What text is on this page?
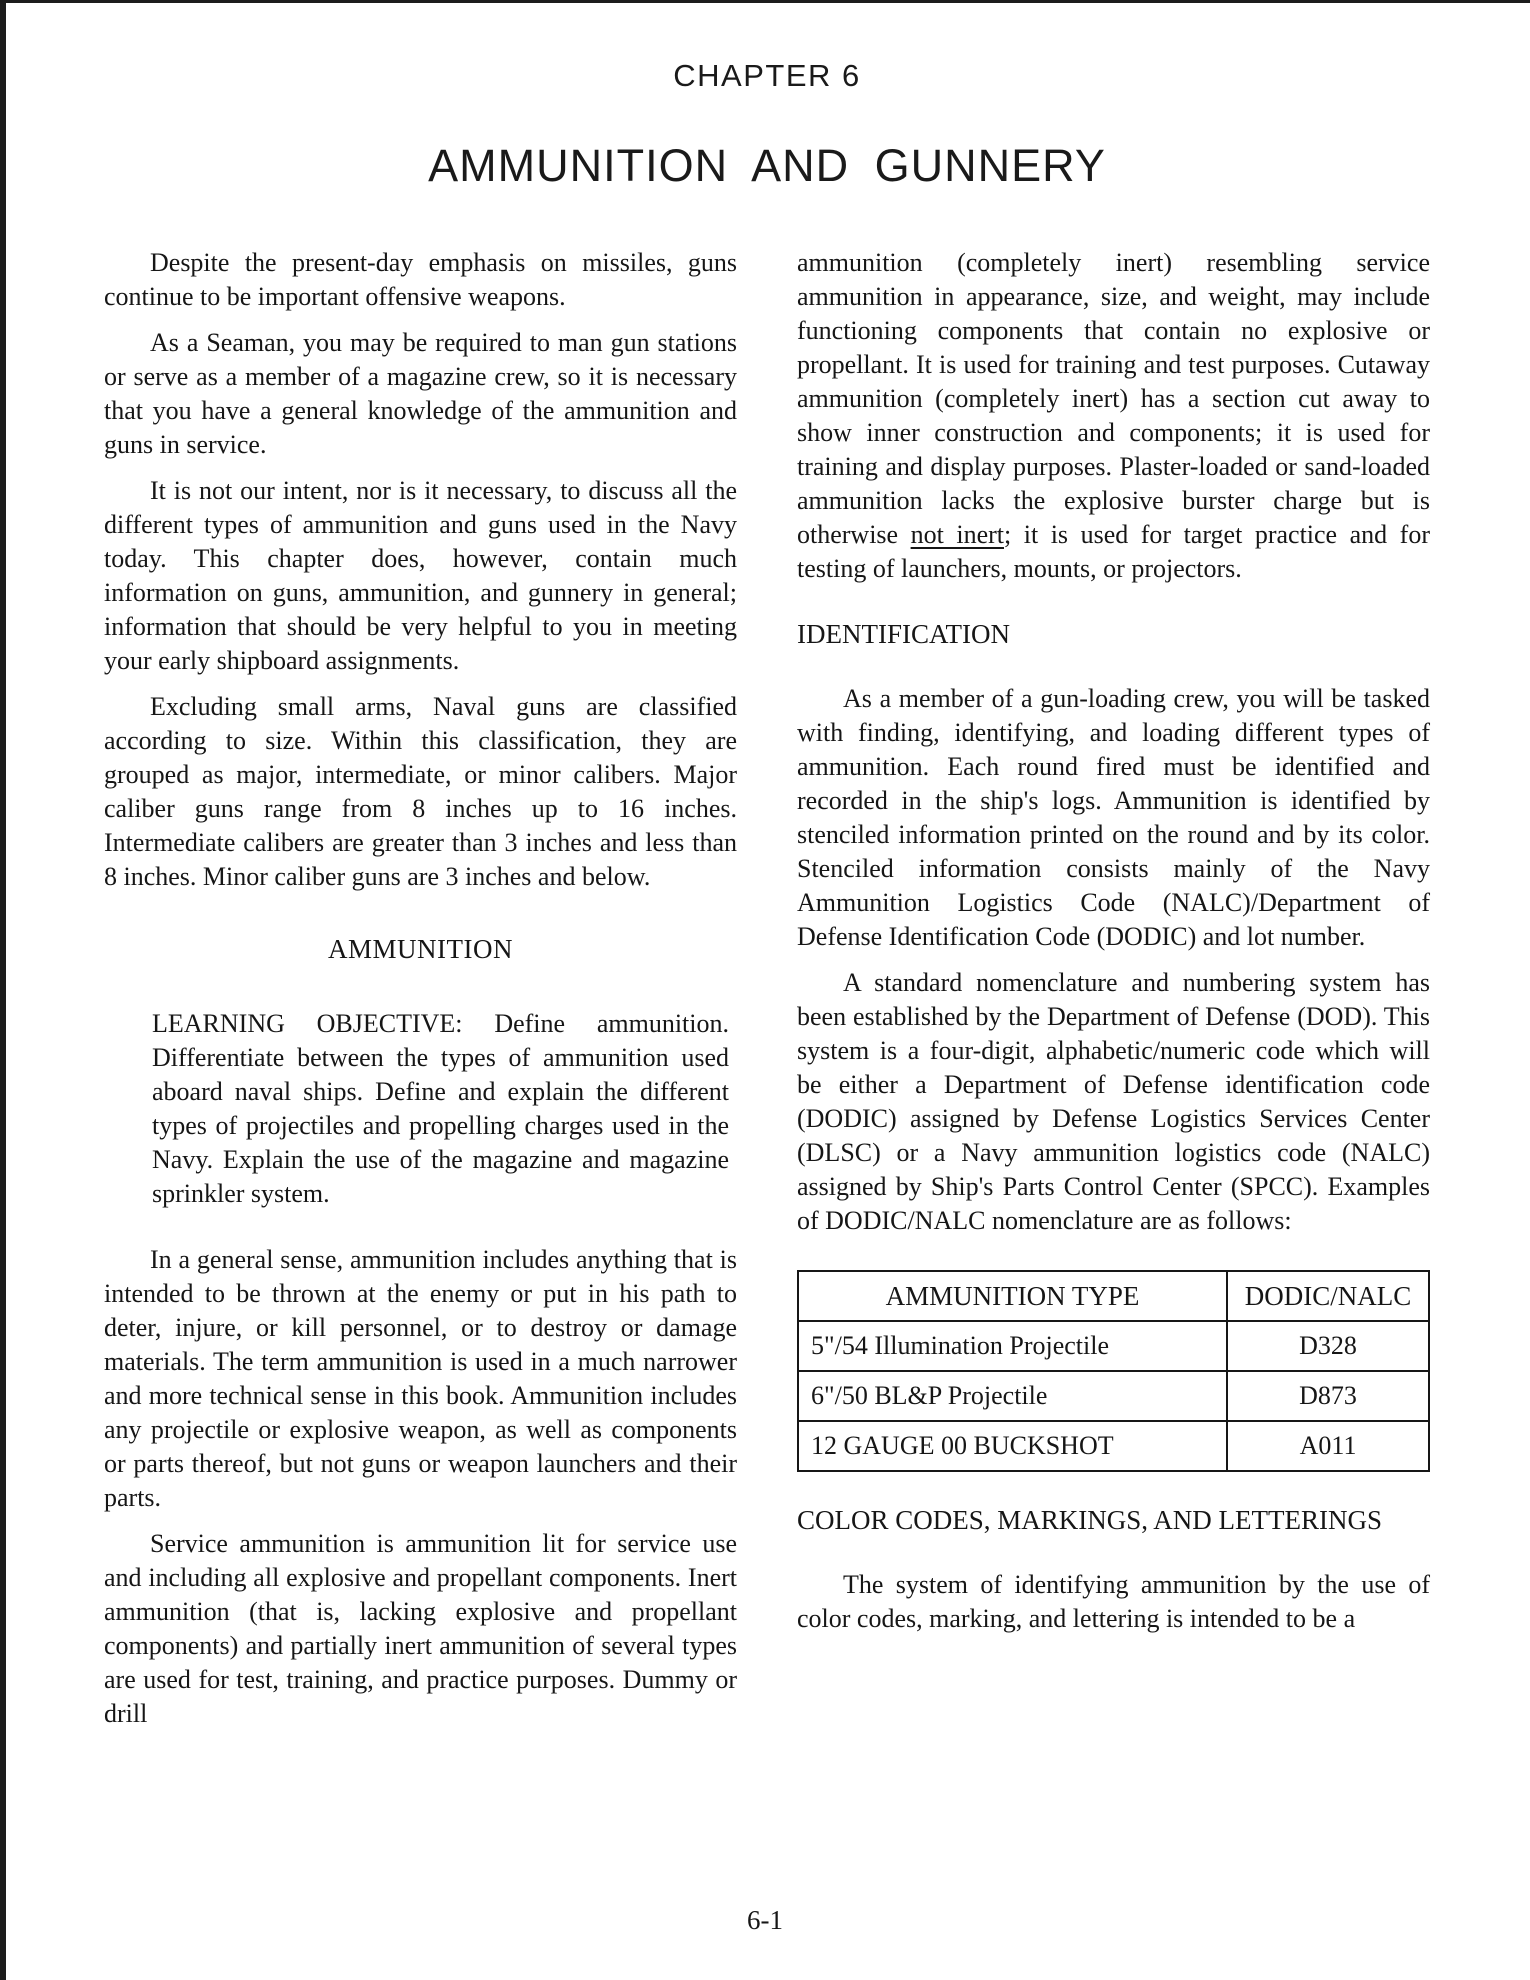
CHAPTER 6
AMMUNITION AND GUNNERY

Despite the present-day emphasis on missiles, guns continue to be important offensive weapons.

As a Seaman, you may be required to man gun stations or serve as a member of a magazine crew, so it is necessary that you have a general knowledge of the ammunition and guns in service.

It is not our intent, nor is it necessary, to discuss all the different types of ammunition and guns used in the Navy today. This chapter does, however, contain much information on guns, ammunition, and gunnery in general; information that should be very helpful to you in meeting your early shipboard assignments.

Excluding small arms, Naval guns are classified according to size. Within this classification, they are grouped as major, intermediate, or minor calibers. Major caliber guns range from 8 inches up to 16 inches. Intermediate calibers are greater than 3 inches and less than 8 inches. Minor caliber guns are 3 inches and below.

AMMUNITION

LEARNING OBJECTIVE: Define ammunition. Differentiate between the types of ammunition used aboard naval ships. Define and explain the different types of projectiles and propelling charges used in the Navy. Explain the use of the magazine and magazine sprinkler system.

In a general sense, ammunition includes anything that is intended to be thrown at the enemy or put in his path to deter, injure, or kill personnel, or to destroy or damage materials. The term ammunition is used in a much narrower and more technical sense in this book. Ammunition includes any projectile or explosive weapon, as well as components or parts thereof, but not guns or weapon launchers and their parts.

Service ammunition is ammunition lit for service use and including all explosive and propellant components. Inert ammunition (that is, lacking explosive and propellant components) and partially inert ammunition of several types are used for test, training, and practice purposes. Dummy or drill

ammunition (completely inert) resembling service ammunition in appearance, size, and weight, may include functioning components that contain no explosive or propellant. It is used for training and test purposes. Cutaway ammunition (completely inert) has a section cut away to show inner construction and components; it is used for training and display purposes. Plaster-loaded or sand-loaded ammunition lacks the explosive burster charge but is otherwise not inert; it is used for target practice and for testing of launchers, mounts, or projectors.

IDENTIFICATION

As a member of a gun-loading crew, you will be tasked with finding, identifying, and loading different types of ammunition. Each round fired must be identified and recorded in the ship's logs. Ammunition is identified by stenciled information printed on the round and by its color. Stenciled information consists mainly of the Navy Ammunition Logistics Code (NALC)/Department of Defense Identification Code (DODIC) and lot number.

A standard nomenclature and numbering system has been established by the Department of Defense (DOD). This system is a four-digit, alphabetic/numeric code which will be either a Department of Defense identification code (DODIC) assigned by Defense Logistics Services Center (DLSC) or a Navy ammunition logistics code (NALC) assigned by Ship's Parts Control Center (SPCC). Examples of DODIC/NALC nomenclature are as follows:

AMMUNITION TYPE	DODIC/NALC
5"/54 Illumination Projectile	D328
6"/50 BL&P Projectile	D873
12 GAUGE 00 BUCKSHOT	A011
COLOR CODES, MARKINGS, AND LETTERINGS

The system of identifying ammunition by the use of color codes, marking, and lettering is intended to be a

6-1
